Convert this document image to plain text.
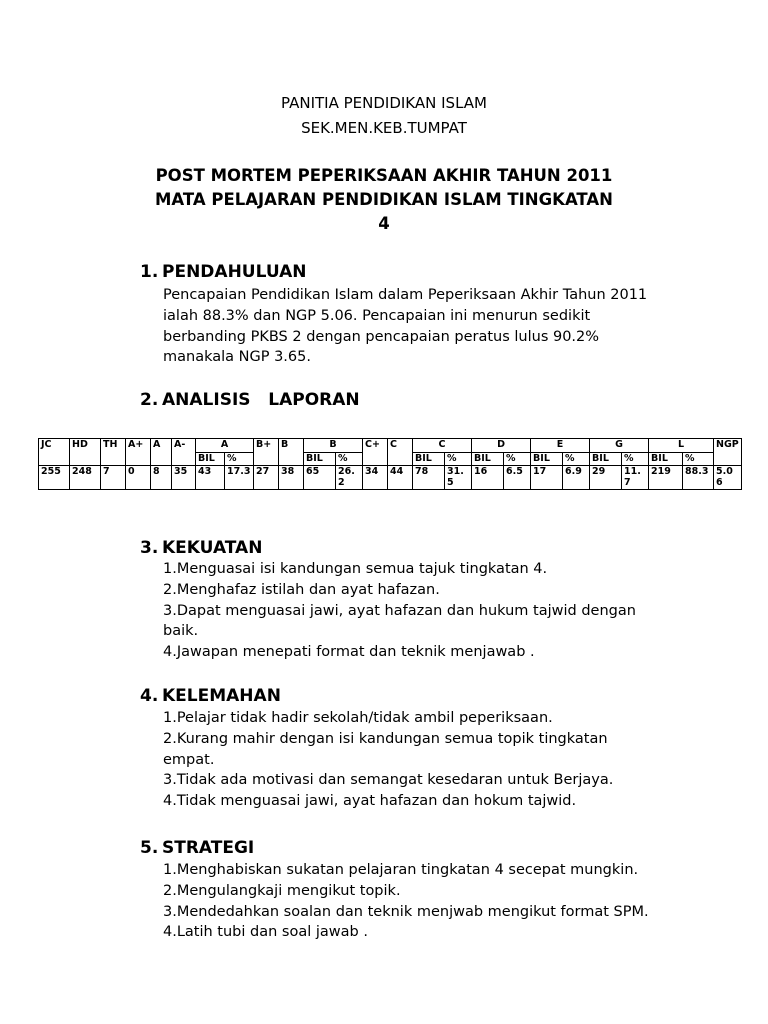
PANITIA PENDIDIKAN ISLAM
SEK.MEN.KEB.TUMPAT
POST MORTEM PEPERIKSAAN AKHIR TAHUN 2011
MATA PELAJARAN PENDIDIKAN ISLAM TINGKATAN
4
1. PENDAHULUAN
Pencapaian Pendidikan Islam dalam Peperiksaan Akhir Tahun 2011 ialah 88.3% dan NGP 5.06. Pencapaian ini menurun sedikit berbanding PKBS 2 dengan pencapaian peratus lulus 90.2% manakala NGP 3.65.
2. ANALISIS   LAPORAN
JC	HD	TH	A+	A	A-	A		B+	B	B		C+	C	C		D		E		G		L		NGP
						BIL	%			BIL	%			BIL	%	BIL	%	BIL	%	BIL	%	BIL	%	
255	248	7	0	8	35	43	17.3	27	38	65	26.2	34	44	78	31.5	16	6.5	17	6.9	29	11.7	219	88.3	5.06
3. KEKUATAN

1.Menguasai isi kandungan semua tajuk tingkatan 4.

2.Menghafaz istilah dan ayat hafazan.

3.Dapat menguasai jawi, ayat hafazan dan hukum tajwid dengan baik.

4.Jawapan menepati format dan teknik menjawab .

4. KELEMAHAN

1.Pelajar tidak hadir sekolah/tidak ambil peperiksaan.

2.Kurang mahir dengan isi kandungan semua topik tingkatan empat.

3.Tidak ada motivasi dan semangat kesedaran untuk Berjaya.

4.Tidak menguasai jawi, ayat hafazan dan hokum tajwid.

5. STRATEGI

1.Menghabiskan sukatan pelajaran tingkatan 4 secepat mungkin.

2.Mengulangkaji mengikut topik.

3.Mendedahkan soalan dan teknik menjwab mengikut format SPM.

4.Latih tubi dan soal jawab .
